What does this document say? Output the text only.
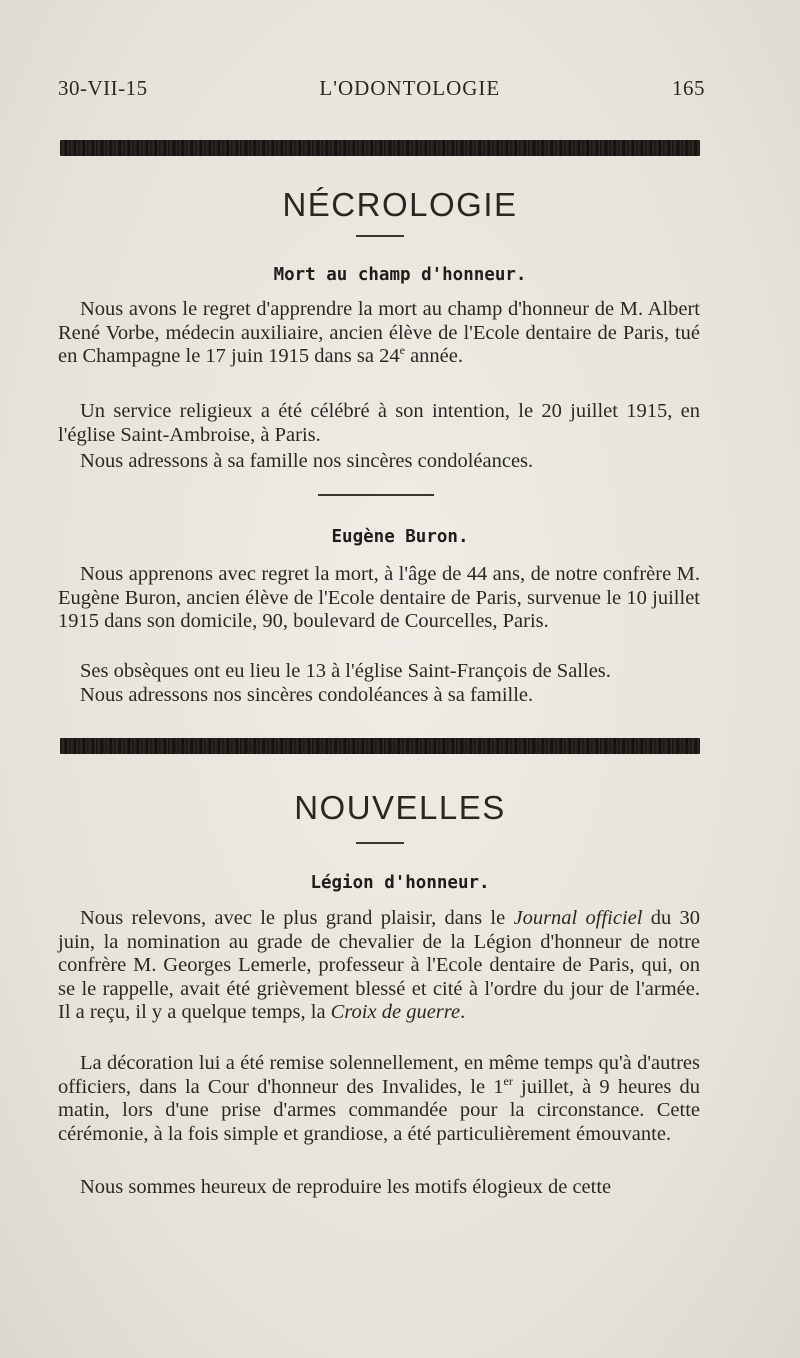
30-VII-15	L'ODONTOLOGIE	165
NÉCROLOGIE
Mort au champ d'honneur.

Nous avons le regret d'apprendre la mort au champ d'honneur de M. Albert René Vorbe, médecin auxiliaire, ancien élève de l'Ecole dentaire de Paris, tué en Champagne le 17 juin 1915 dans sa 24e année.

Un service religieux a été célébré à son intention, le 20 juillet 1915, en l'église Saint-Ambroise, à Paris.

Nous adressons à sa famille nos sincères condoléances.

Eugène Buron.

Nous apprenons avec regret la mort, à l'âge de 44 ans, de notre confrère M. Eugène Buron, ancien élève de l'Ecole dentaire de Paris, survenue le 10 juillet 1915 dans son domicile, 90, boulevard de Courcelles, Paris.

Ses obsèques ont eu lieu le 13 à l'église Saint-François de Salles.

Nous adressons nos sincères condoléances à sa famille.

NOUVELLES
Légion d'honneur.

Nous relevons, avec le plus grand plaisir, dans le Journal officiel du 30 juin, la nomination au grade de chevalier de la Légion d'honneur de notre confrère M. Georges Lemerle, professeur à l'Ecole dentaire de Paris, qui, on se le rappelle, avait été grièvement blessé et cité à l'ordre du jour de l'armée. Il a reçu, il y a quelque temps, la Croix de guerre.

La décoration lui a été remise solennellement, en même temps qu'à d'autres officiers, dans la Cour d'honneur des Invalides, le 1er juillet, à 9 heures du matin, lors d'une prise d'armes commandée pour la circonstance. Cette cérémonie, à la fois simple et grandiose, a été particulièrement émouvante.

Nous sommes heureux de reproduire les motifs élogieux de cette
